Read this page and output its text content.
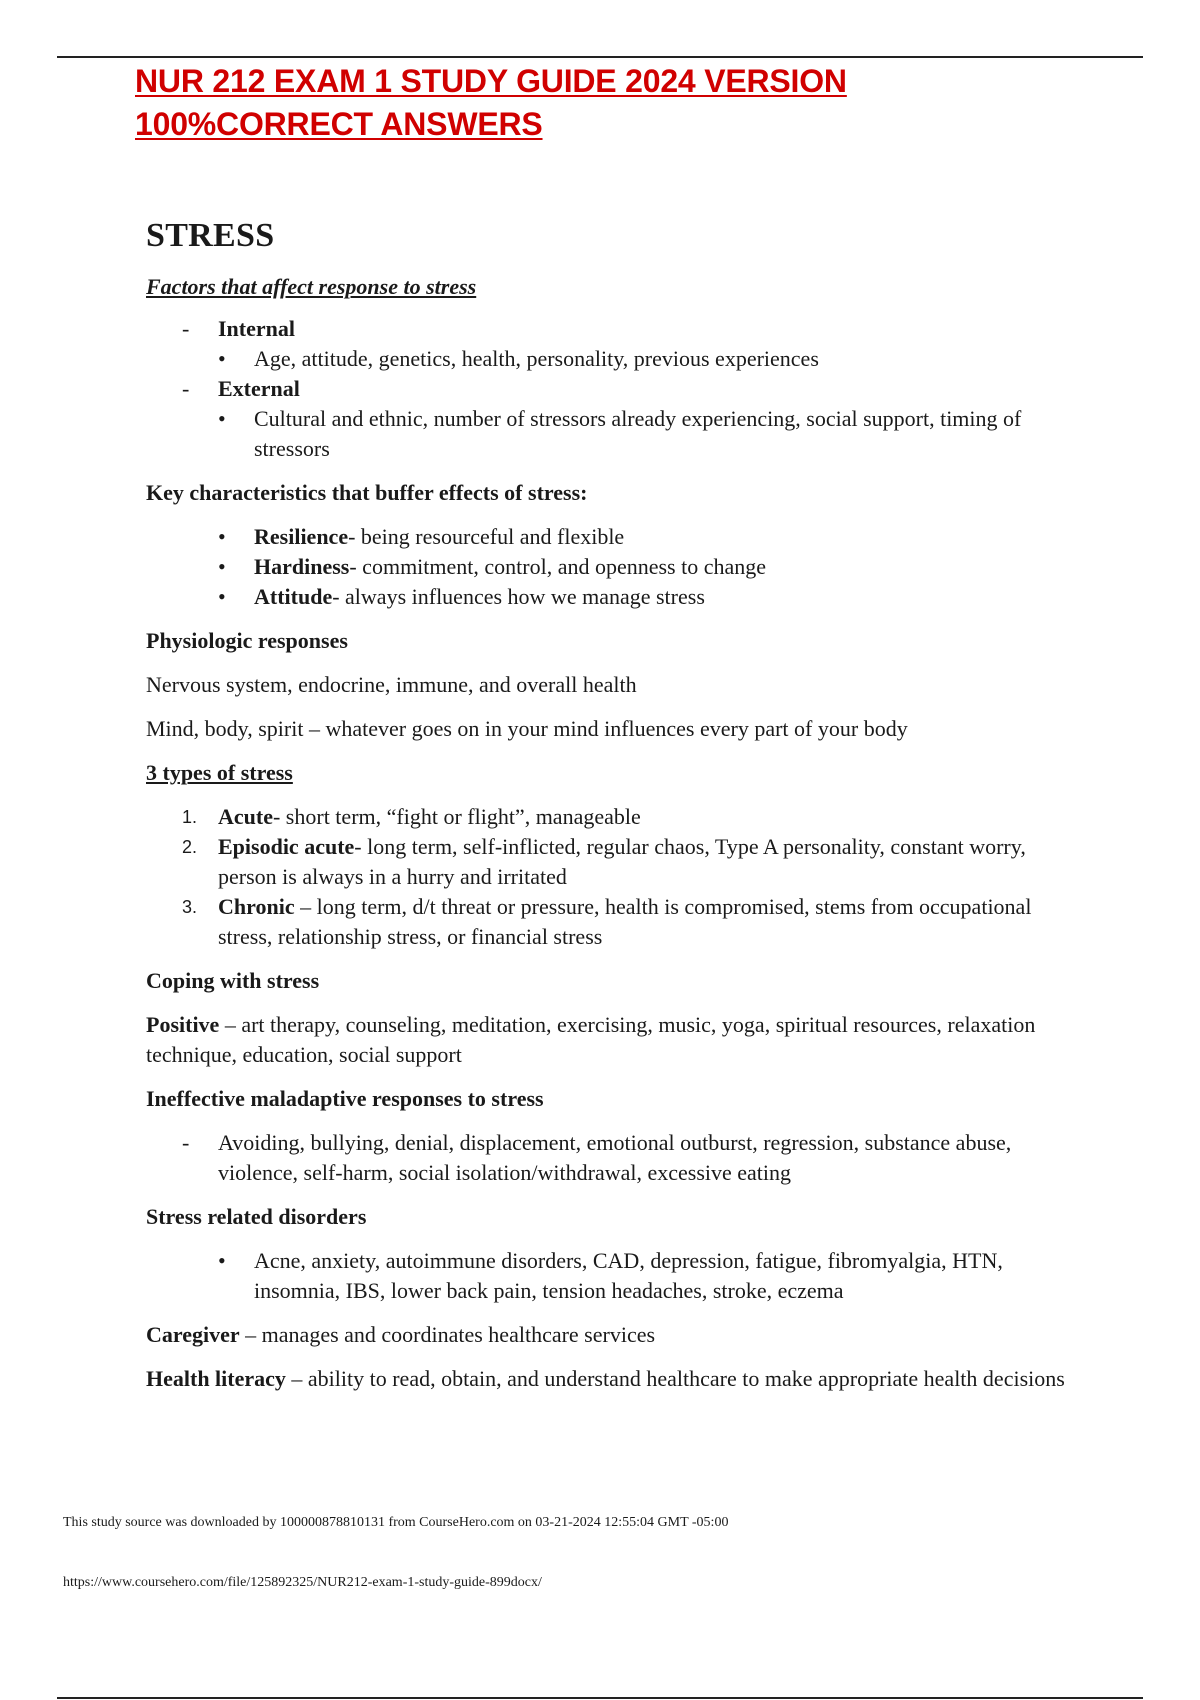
NUR 212 EXAM 1 STUDY GUIDE 2024 VERSION
100%CORRECT ANSWERS
STRESS
Factors that affect response to stress
- Internal
• Age, attitude, genetics, health, personality, previous experiences
- External
• Cultural and ethnic, number of stressors already experiencing, social support, timing of stressors
Key characteristics that buffer effects of stress:
• Resilience- being resourceful and flexible
• Hardiness- commitment, control, and openness to change
• Attitude- always influences how we manage stress
Physiologic responses

Nervous system, endocrine, immune, and overall health

Mind, body, spirit – whatever goes on in your mind influences every part of your body

3 types of stress
1. Acute- short term, “fight or flight”, manageable
2. Episodic acute- long term, self-inflicted, regular chaos, Type A personality, constant worry, person is always in a hurry and irritated
3. Chronic – long term, d/t threat or pressure, health is compromised, stems from occupational stress, relationship stress, or financial stress
Coping with stress

Positive – art therapy, counseling, meditation, exercising, music, yoga, spiritual resources, relaxation technique, education, social support

Ineffective maladaptive responses to stress
- Avoiding, bullying, denial, displacement, emotional outburst, regression, substance abuse, violence, self-harm, social isolation/withdrawal, excessive eating
Stress related disorders
• Acne, anxiety, autoimmune disorders, CAD, depression, fatigue, fibromyalgia, HTN, insomnia, IBS, lower back pain, tension headaches, stroke, eczema

Caregiver – manages and coordinates healthcare services

Health literacy – ability to read, obtain, and understand healthcare to make appropriate health decisions

This study source was downloaded by 100000878810131 from CourseHero.com on 03-21-2024 12:55:04 GMT -05:00
https://www.coursehero.com/file/125892325/NUR212-exam-1-study-guide-899docx/
